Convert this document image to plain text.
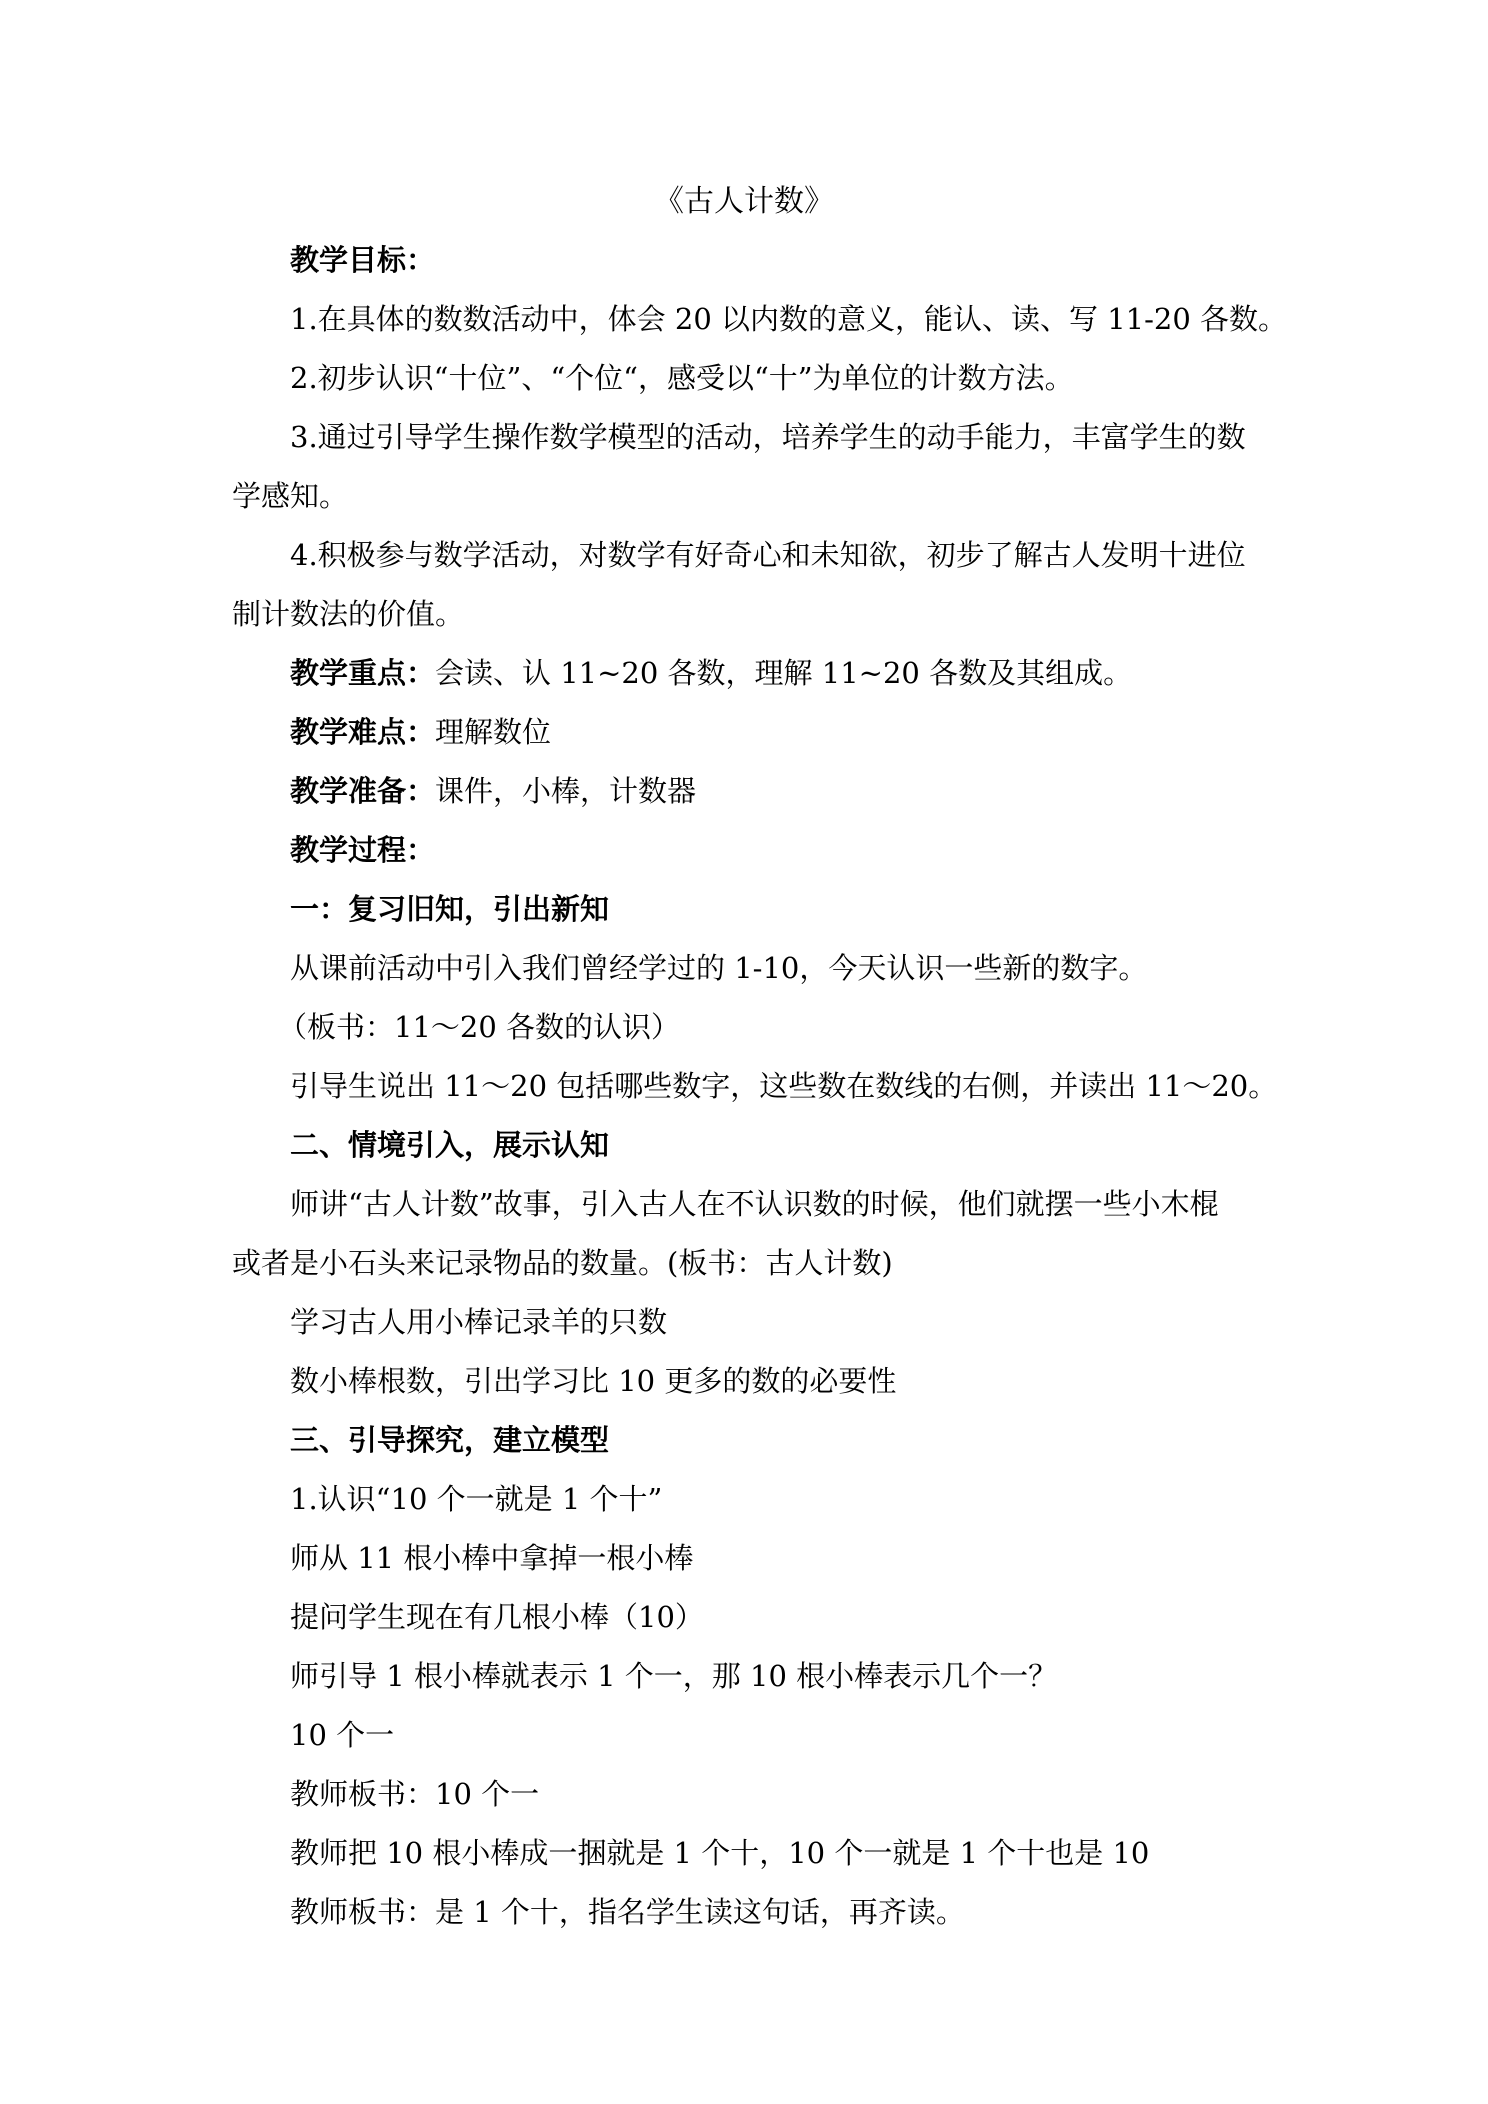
《古人计数》
教学目标：
1.在具体的数数活动中，体会 20 以内数的意义，能认、读、写 11-20 各数。
2.初步认识“十位”、“个位“，感受以“十”为单位的计数方法。
3.通过引导学生操作数学模型的活动，培养学生的动手能力，丰富学生的数
学感知。
4.积极参与数学活动，对数学有好奇心和未知欲，初步了解古人发明十进位
制计数法的价值。
教学重点：会读、认 11~20 各数，理解 11~20 各数及其组成。
教学难点：理解数位
教学准备：课件，小棒，计数器
教学过程：
一：复习旧知，引出新知
从课前活动中引入我们曾经学过的 1-10，今天认识一些新的数字。
（板书：11～20 各数的认识）
引导生说出 11～20 包括哪些数字，这些数在数线的右侧，并读出 11～20。
二、情境引入，展示认知
师讲“古人计数”故事，引入古人在不认识数的时候，他们就摆一些小木棍
或者是小石头来记录物品的数量。(板书：古人计数)
学习古人用小棒记录羊的只数
数小棒根数，引出学习比 10 更多的数的必要性
三、引导探究，建立模型
1.认识“10 个一就是 1 个十”
师从 11 根小棒中拿掉一根小棒
提问学生现在有几根小棒（10）
师引导 1 根小棒就表示 1 个一，那 10 根小棒表示几个一？
10 个一
教师板书：10 个一
教师把 10 根小棒成一捆就是 1 个十，10 个一就是 1 个十也是 10
教师板书：是 1 个十，指名学生读这句话，再齐读。
